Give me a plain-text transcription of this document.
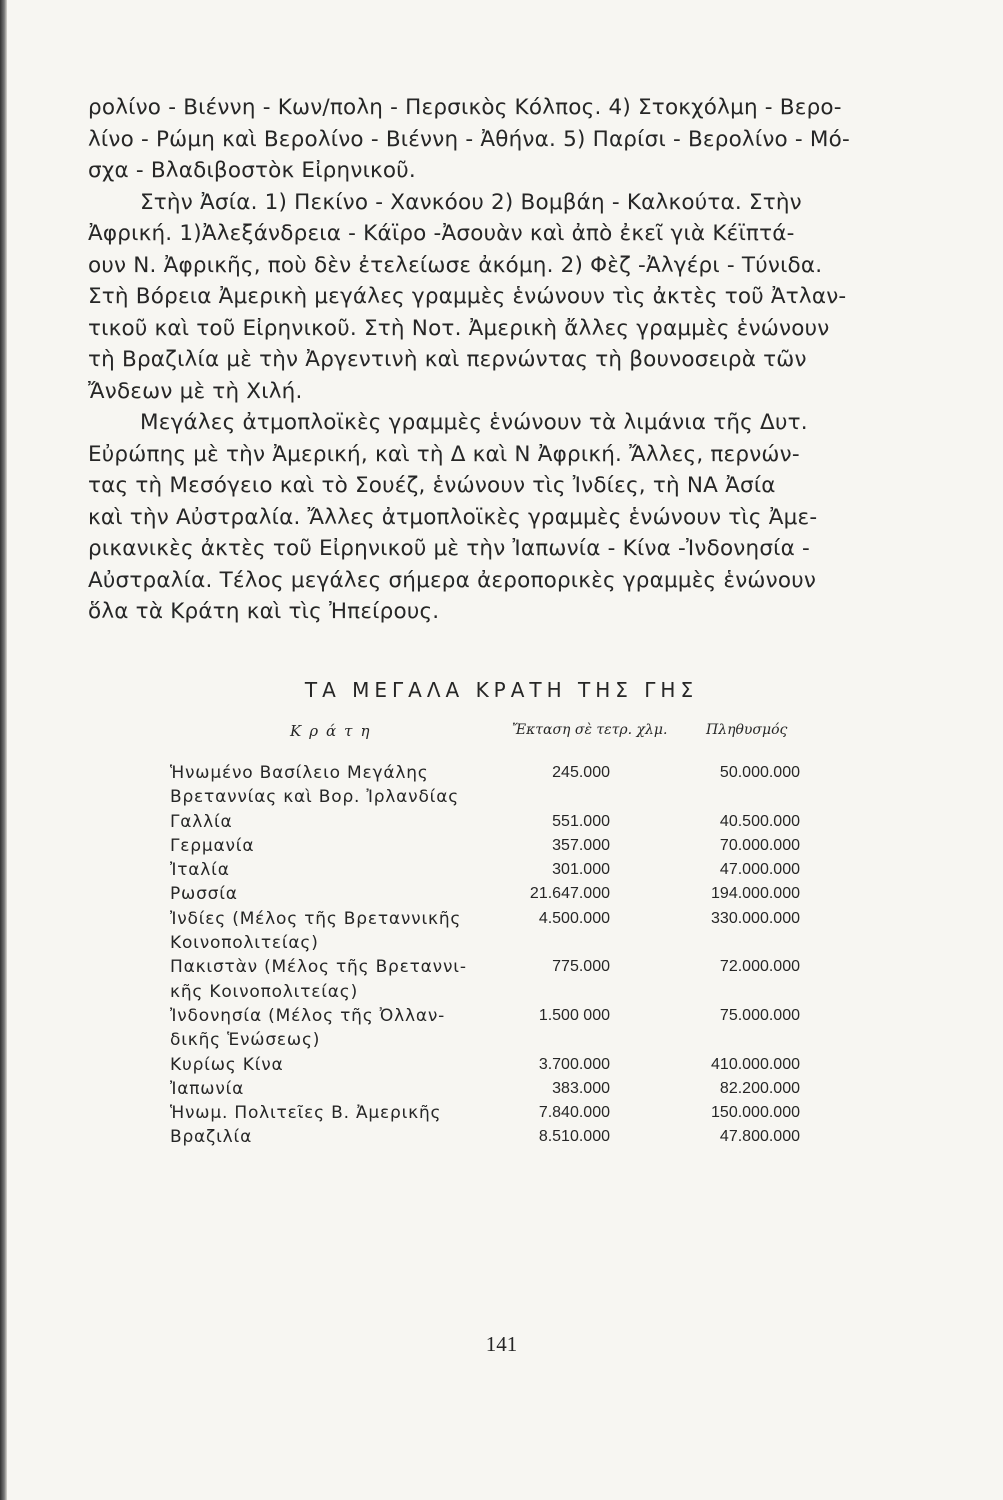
ρολίνο - Βιέννη - Κων/πολη - Περσικὸς Κόλπος. 4) Στοκχόλμη - Βερο-
λίνο - Ρώμη καὶ Βερολίνο - Βιέννη - Ἀθήνα. 5) Παρίσι - Βερολίνο - Μό-
σχα - Βλαδιβοστὸκ Εἰρηνικοῦ.

Στὴν Ἀσία. 1) Πεκίνο - Χανκόου 2) Βομβάη - Καλκούτα. Στὴν
Ἀφρική. 1)Ἀλεξάνδρεια - Κάϊρο -Ἀσουὰν καὶ ἀπὸ ἐκεῖ γιὰ Κέϊπτά-
ουν Ν. Ἀφρικῆς, ποὺ δὲν ἐτελείωσε ἀκόμη. 2) Φὲζ -Ἀλγέρι - Τύνιδα.
Στὴ Βόρεια Ἀμερικὴ μεγάλες γραμμὲς ἑνώνουν τὶς ἀκτὲς τοῦ Ἀτλαν-
τικοῦ καὶ τοῦ Εἰρηνικοῦ. Στὴ Νοτ. Ἀμερικὴ ἄλλες γραμμὲς ἑνώνουν
τὴ Βραζιλία μὲ τὴν Ἀργεντινὴ καὶ περνώντας τὴ βουνοσειρὰ τῶν
Ἄνδεων μὲ τὴ Χιλή.

Μεγάλες ἀτμοπλοϊκὲς γραμμὲς ἑνώνουν τὰ λιμάνια τῆς Δυτ.
Εὐρώπης μὲ τὴν Ἀμερική, καὶ τὴ Δ καὶ Ν Ἀφρική. Ἄλλες, περνών-
τας τὴ Μεσόγειο καὶ τὸ Σουέζ, ἑνώνουν τὶς Ἰνδίες, τὴ ΝΑ Ἀσία
καὶ τὴν Αὐστραλία. Ἄλλες ἀτμοπλοϊκὲς γραμμὲς ἑνώνουν τὶς Ἀμε-
ρικανικὲς ἀκτὲς τοῦ Εἰρηνικοῦ μὲ τὴν Ἰαπωνία - Κίνα -Ἰνδονησία -
Αὐστραλία. Τέλος μεγάλες σήμερα ἀεροπορικὲς γραμμὲς ἑνώνουν
ὅλα τὰ Κράτη καὶ τὶς Ἠπείρους.

ΤΑ ΜΕΓΑΛΑ ΚΡΑΤΗ ΤΗΣ ΓΗΣ
Κράτη	Ἔκταση σὲ τετρ. χλμ.	Πληθυσμός
Ἡνωμένο Βασίλειο Μεγάλης
Βρεταννίας καὶ Βορ. Ἰρλανδίας	245.000	50.000.000

Γαλλία	551.000	40.500.000

Γερμανία	357.000	70.000.000

Ἰταλία	301.000	47.000.000

Ρωσσία	21.647.000	194.000.000

Ἰνδίες (Μέλος τῆς Βρεταννικῆς
Κοινοπολιτείας)	4.500.000	330.000.000

Πακιστὰν (Μέλος τῆς Βρεταννι-
κῆς Κοινοπολιτείας)	775.000	72.000.000

Ἰνδονησία (Μέλος τῆς Ὀλλαν-
δικῆς Ἑνώσεως)	1.500 000	75.000.000

Κυρίως Κίνα	3.700.000	410.000.000

Ἰαπωνία	383.000	82.200.000

Ἡνωμ. Πολιτεῖες Β. Ἀμερικῆς	7.840.000	150.000.000

Βραζιλία	8.510.000	47.800.000
141
